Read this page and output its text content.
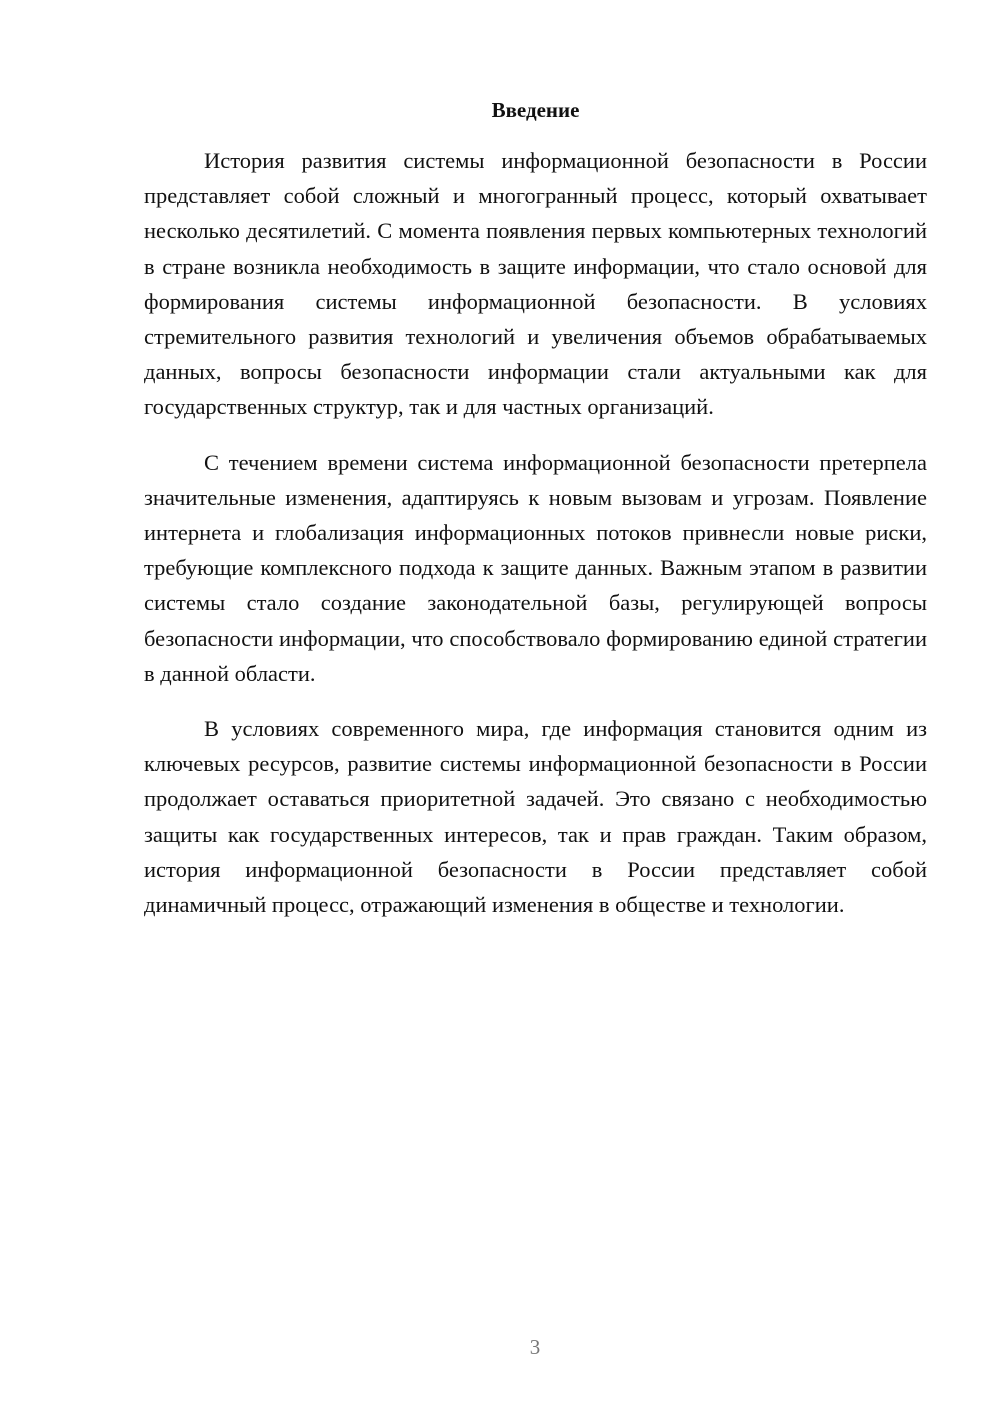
Введение

История развития системы информационной безопасности в России представляет собой сложный и многогранный процесс, который охватывает несколько десятилетий. С момента появления первых компьютерных технологий в стране возникла необходимость в защите информации, что стало основой для формирования системы информационной безопасности. В условиях стремительного развития технологий и увеличения объемов обрабатываемых данных, вопросы безопасности информации стали актуальными как для государственных структур, так и для частных организаций.

С течением времени система информационной безопасности претерпела значительные изменения, адаптируясь к новым вызовам и угрозам. Появление интернета и глобализация информационных потоков привнесли новые риски, требующие комплексного подхода к защите данных. Важным этапом в развитии системы стало создание законодательной базы, регулирующей вопросы безопасности информации, что способствовало формированию единой стратегии в данной области.

В условиях современного мира, где информация становится одним из ключевых ресурсов, развитие системы информационной безопасности в России продолжает оставаться приоритетной задачей. Это связано с необходимостью защиты как государственных интересов, так и прав граждан. Таким образом, история информационной безопасности в России представляет собой динамичный процесс, отражающий изменения в обществе и технологии.

3
